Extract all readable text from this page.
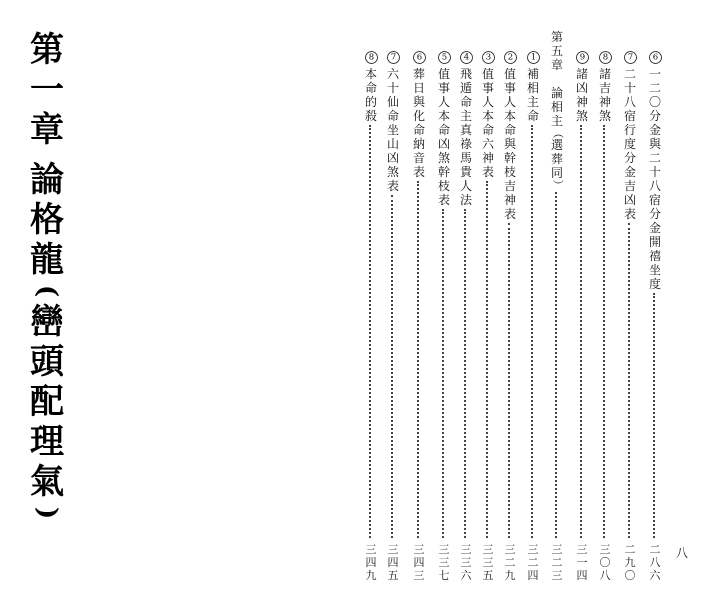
第
一
章
論
格
龍
(
巒
頭
配
理
氣
)
6
一
二
〇
分
金
與
二
十
八
宿
分
金
開
禧
坐
度
二
八
六
7
二
十
八
宿
行
度
分
金
吉
凶
表
二
九
〇
8
諸
吉
神
煞
三
〇
八
9
諸
凶
神
煞
三
一
四
第
五
章

論
相
主
（
選
葬
同
）
三
二
三
1
補
相
主
命
三
二
四
2
值
事
人
本
命
與
幹
枝
吉
神
表
三
二
九
3
值
事
人
本
命
六
神
表
三
三
五
4
飛
遁
命
主
真
祿
馬
貴
人
法
三
三
六
5
值
事
人
本
命
凶
煞
幹
枝
表
三
三
七
6
葬
日
與
化
命
納
音
表
三
四
三
7
六
十
仙
命
坐
山
凶
煞
表
三
四
五
8
本
命
的
殺
三
四
九
八
